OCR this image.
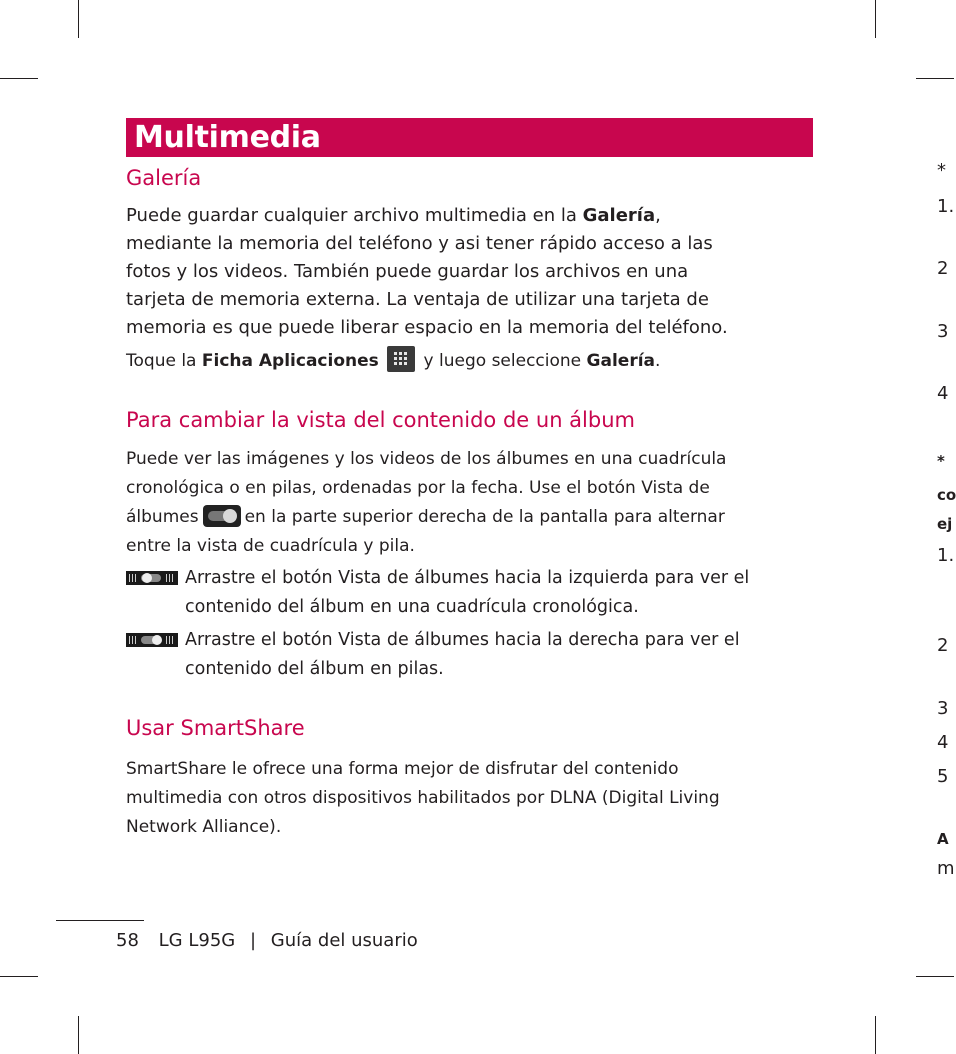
Multimedia
Galería
Puede guardar cualquier archivo multimedia en la Galería,
mediante la memoria del teléfono y asi tener rápido acceso a las
fotos y los videos. También puede guardar los archivos en una
tarjeta de memoria externa. La ventaja de utilizar una tarjeta de
memoria es que puede liberar espacio en la memoria del teléfono.
Toque la Ficha Aplicaciones
y luego seleccione Galería.
Para cambiar la vista del contenido de un álbum
Puede ver las imágenes y los videos de los álbumes en una cuadrícula
cronológica o en pilas, ordenadas por la fecha. Use el botón Vista de
álbumes	en la parte superior derecha de la pantalla para alternar
entre la vista de cuadrícula y pila.
Arrastre el botón Vista de álbumes hacia la izquierda para ver el
contenido del álbum en una cuadrícula cronológica.
Arrastre el botón Vista de álbumes hacia la derecha para ver el
contenido del álbum en pilas.
Usar SmartShare
SmartShare le ofrece una forma mejor de disfrutar del contenido
multimedia con otros dispositivos habilitados por DLNA (Digital Living
Network Alliance).
58 LG L95G | Guía del usuario
*
1.
2
3
4
*
co
ej
1.
2
3
4
5
A
m
